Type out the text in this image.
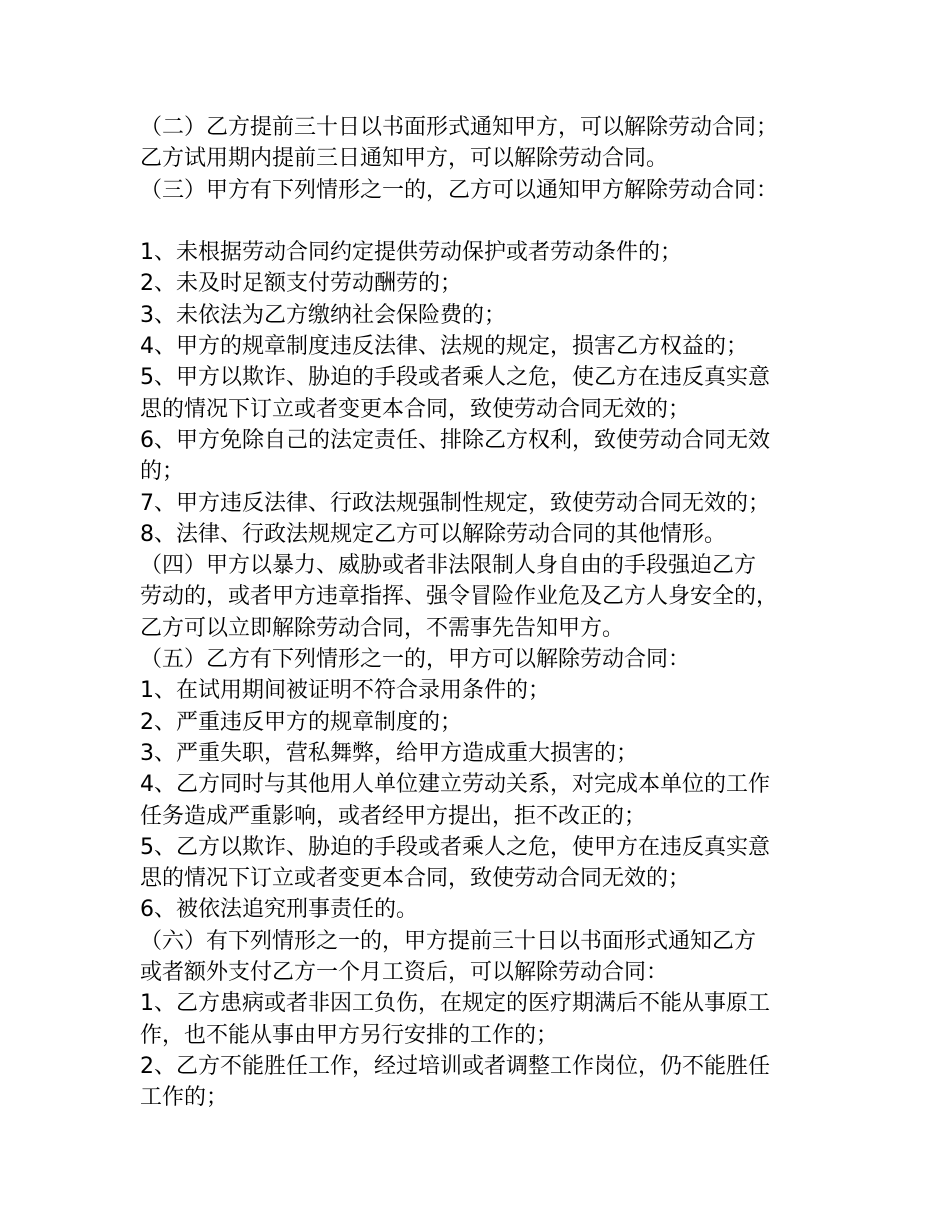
（二）乙方提前三十日以书面形式通知甲方，可以解除劳动合同；
乙方试用期内提前三日通知甲方，可以解除劳动合同。
（三）甲方有下列情形之一的，乙方可以通知甲方解除劳动合同：
1、未根据劳动合同约定提供劳动保护或者劳动条件的；
2、未及时足额支付劳动酬劳的；
3、未依法为乙方缴纳社会保险费的；
4、甲方的规章制度违反法律、法规的规定，损害乙方权益的；
5、甲方以欺诈、胁迫的手段或者乘人之危，使乙方在违反真实意
思的情况下订立或者变更本合同，致使劳动合同无效的；
6、甲方免除自己的法定责任、排除乙方权利，致使劳动合同无效
的；
7、甲方违反法律、行政法规强制性规定，致使劳动合同无效的；
8、法律、行政法规规定乙方可以解除劳动合同的其他情形。
（四）甲方以暴力、威胁或者非法限制人身自由的手段强迫乙方
劳动的，或者甲方违章指挥、强令冒险作业危及乙方人身安全的，
乙方可以立即解除劳动合同，不需事先告知甲方。
（五）乙方有下列情形之一的，甲方可以解除劳动合同：
1、在试用期间被证明不符合录用条件的；
2、严重违反甲方的规章制度的；
3、严重失职，营私舞弊，给甲方造成重大损害的；
4、乙方同时与其他用人单位建立劳动关系，对完成本单位的工作
任务造成严重影响，或者经甲方提出，拒不改正的；
5、乙方以欺诈、胁迫的手段或者乘人之危，使甲方在违反真实意
思的情况下订立或者变更本合同，致使劳动合同无效的；
6、被依法追究刑事责任的。
（六）有下列情形之一的，甲方提前三十日以书面形式通知乙方
或者额外支付乙方一个月工资后，可以解除劳动合同：
1、乙方患病或者非因工负伤，在规定的医疗期满后不能从事原工
作，也不能从事由甲方另行安排的工作的；
2、乙方不能胜任工作，经过培训或者调整工作岗位，仍不能胜任
工作的；
